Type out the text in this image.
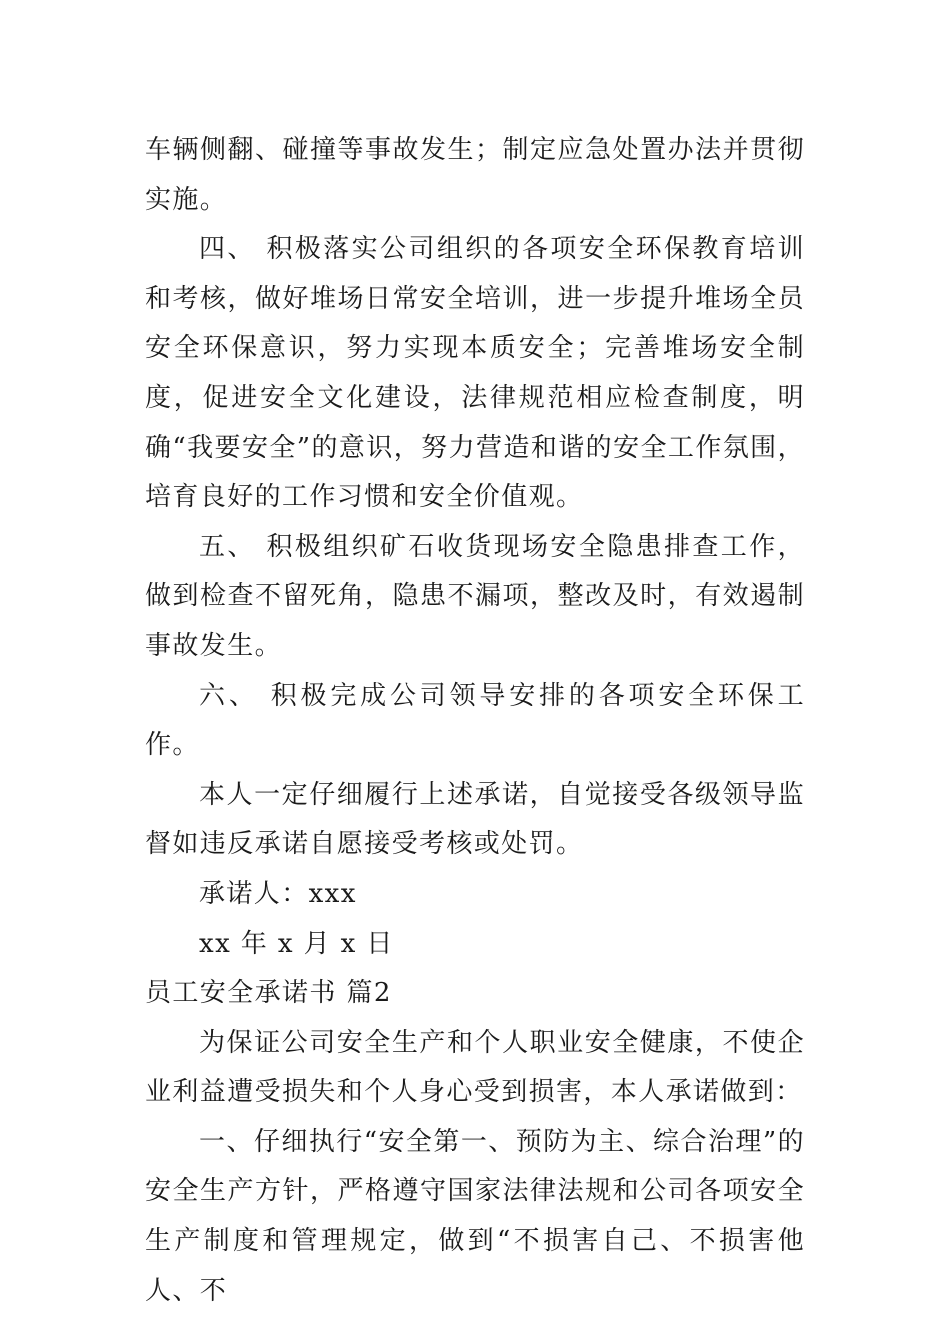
车辆侧翻、碰撞等事故发生；制定应急处置办法并贯彻实施。

四、 积极落实公司组织的各项安全环保教育培训和考核，做好堆场日常安全培训，进一步提升堆场全员安全环保意识，努力实现本质安全；完善堆场安全制度，促进安全文化建设，法律规范相应检查制度，明确“我要安全”的意识，努力营造和谐的安全工作氛围，培育良好的工作习惯和安全价值观。

五、 积极组织矿石收货现场安全隐患排查工作，做到检查不留死角，隐患不漏项，整改及时，有效遏制事故发生。

六、 积极完成公司领导安排的各项安全环保工作。

本人一定仔细履行上述承诺，自觉接受各级领导监督如违反承诺自愿接受考核或处罚。

承诺人：xxx

xx 年 x 月 x 日

员工安全承诺书 篇2

为保证公司安全生产和个人职业安全健康，不使企业利益遭受损失和个人身心受到损害，本人承诺做到：

一、仔细执行“安全第一、预防为主、综合治理”的安全生产方针，严格遵守国家法律法规和公司各项安全生产制度和管理规定，做到“不损害自己、不损害他人、不
